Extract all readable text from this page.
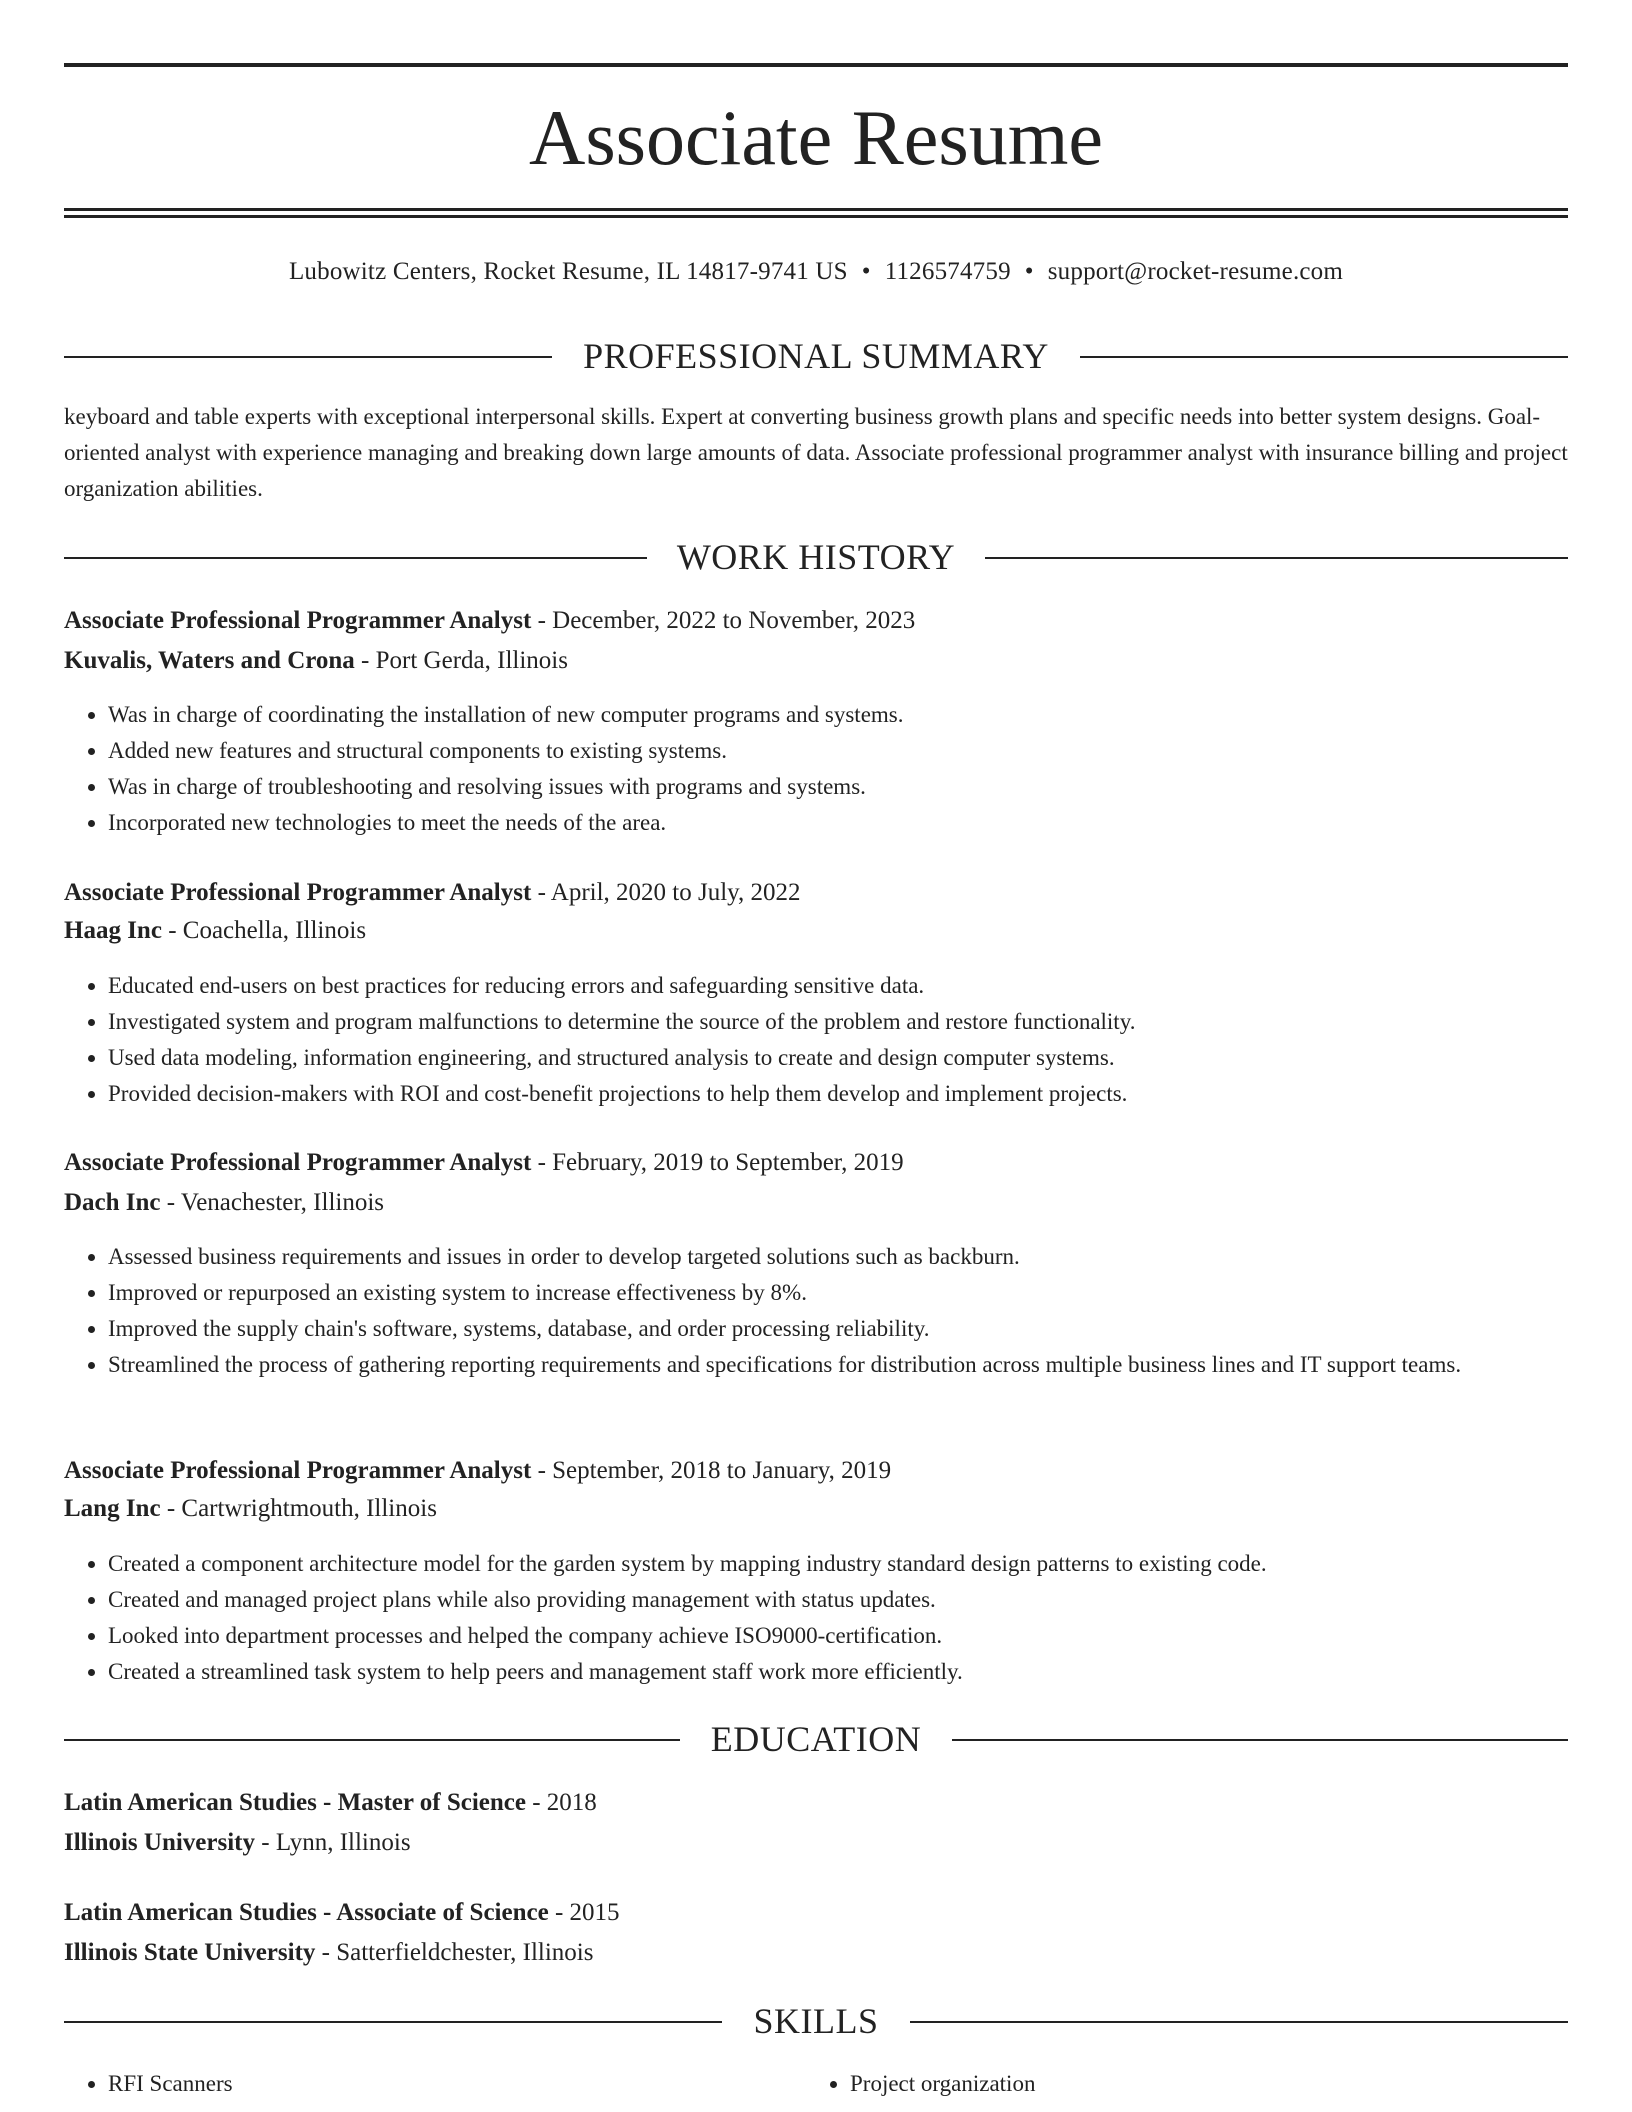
Associate Resume
Lubowitz Centers, Rocket Resume, IL 14817-9741 US • 1126574759 • support@rocket-resume.com
PROFESSIONAL SUMMARY
keyboard and table experts with exceptional interpersonal skills. Expert at converting business growth plans and specific needs into better system designs. Goal-oriented analyst with experience managing and breaking down large amounts of data. Associate professional programmer analyst with insurance billing and project organization abilities.
WORK HISTORY
Associate Professional Programmer Analyst - December, 2022 to November, 2023
Kuvalis, Waters and Crona - Port Gerda, Illinois
• Was in charge of coordinating the installation of new computer programs and systems.
• Added new features and structural components to existing systems.
• Was in charge of troubleshooting and resolving issues with programs and systems.
• Incorporated new technologies to meet the needs of the area.
Associate Professional Programmer Analyst - April, 2020 to July, 2022
Haag Inc - Coachella, Illinois
• Educated end-users on best practices for reducing errors and safeguarding sensitive data.
• Investigated system and program malfunctions to determine the source of the problem and restore functionality.
• Used data modeling, information engineering, and structured analysis to create and design computer systems.
• Provided decision-makers with ROI and cost-benefit projections to help them develop and implement projects.
Associate Professional Programmer Analyst - February, 2019 to September, 2019
Dach Inc - Venachester, Illinois
• Assessed business requirements and issues in order to develop targeted solutions such as backburn.
• Improved or repurposed an existing system to increase effectiveness by 8%.
• Improved the supply chain's software, systems, database, and order processing reliability.
• Streamlined the process of gathering reporting requirements and specifications for distribution across multiple business lines and IT support teams.
Associate Professional Programmer Analyst - September, 2018 to January, 2019
Lang Inc - Cartwrightmouth, Illinois
• Created a component architecture model for the garden system by mapping industry standard design patterns to existing code.
• Created and managed project plans while also providing management with status updates.
• Looked into department processes and helped the company achieve ISO9000-certification.
• Created a streamlined task system to help peers and management staff work more efficiently.
EDUCATION
Latin American Studies - Master of Science - 2018
Illinois University - Lynn, Illinois
Latin American Studies - Associate of Science - 2015
Illinois State University - Satterfieldchester, Illinois
SKILLS
• RFI Scanners
•	Project organization
